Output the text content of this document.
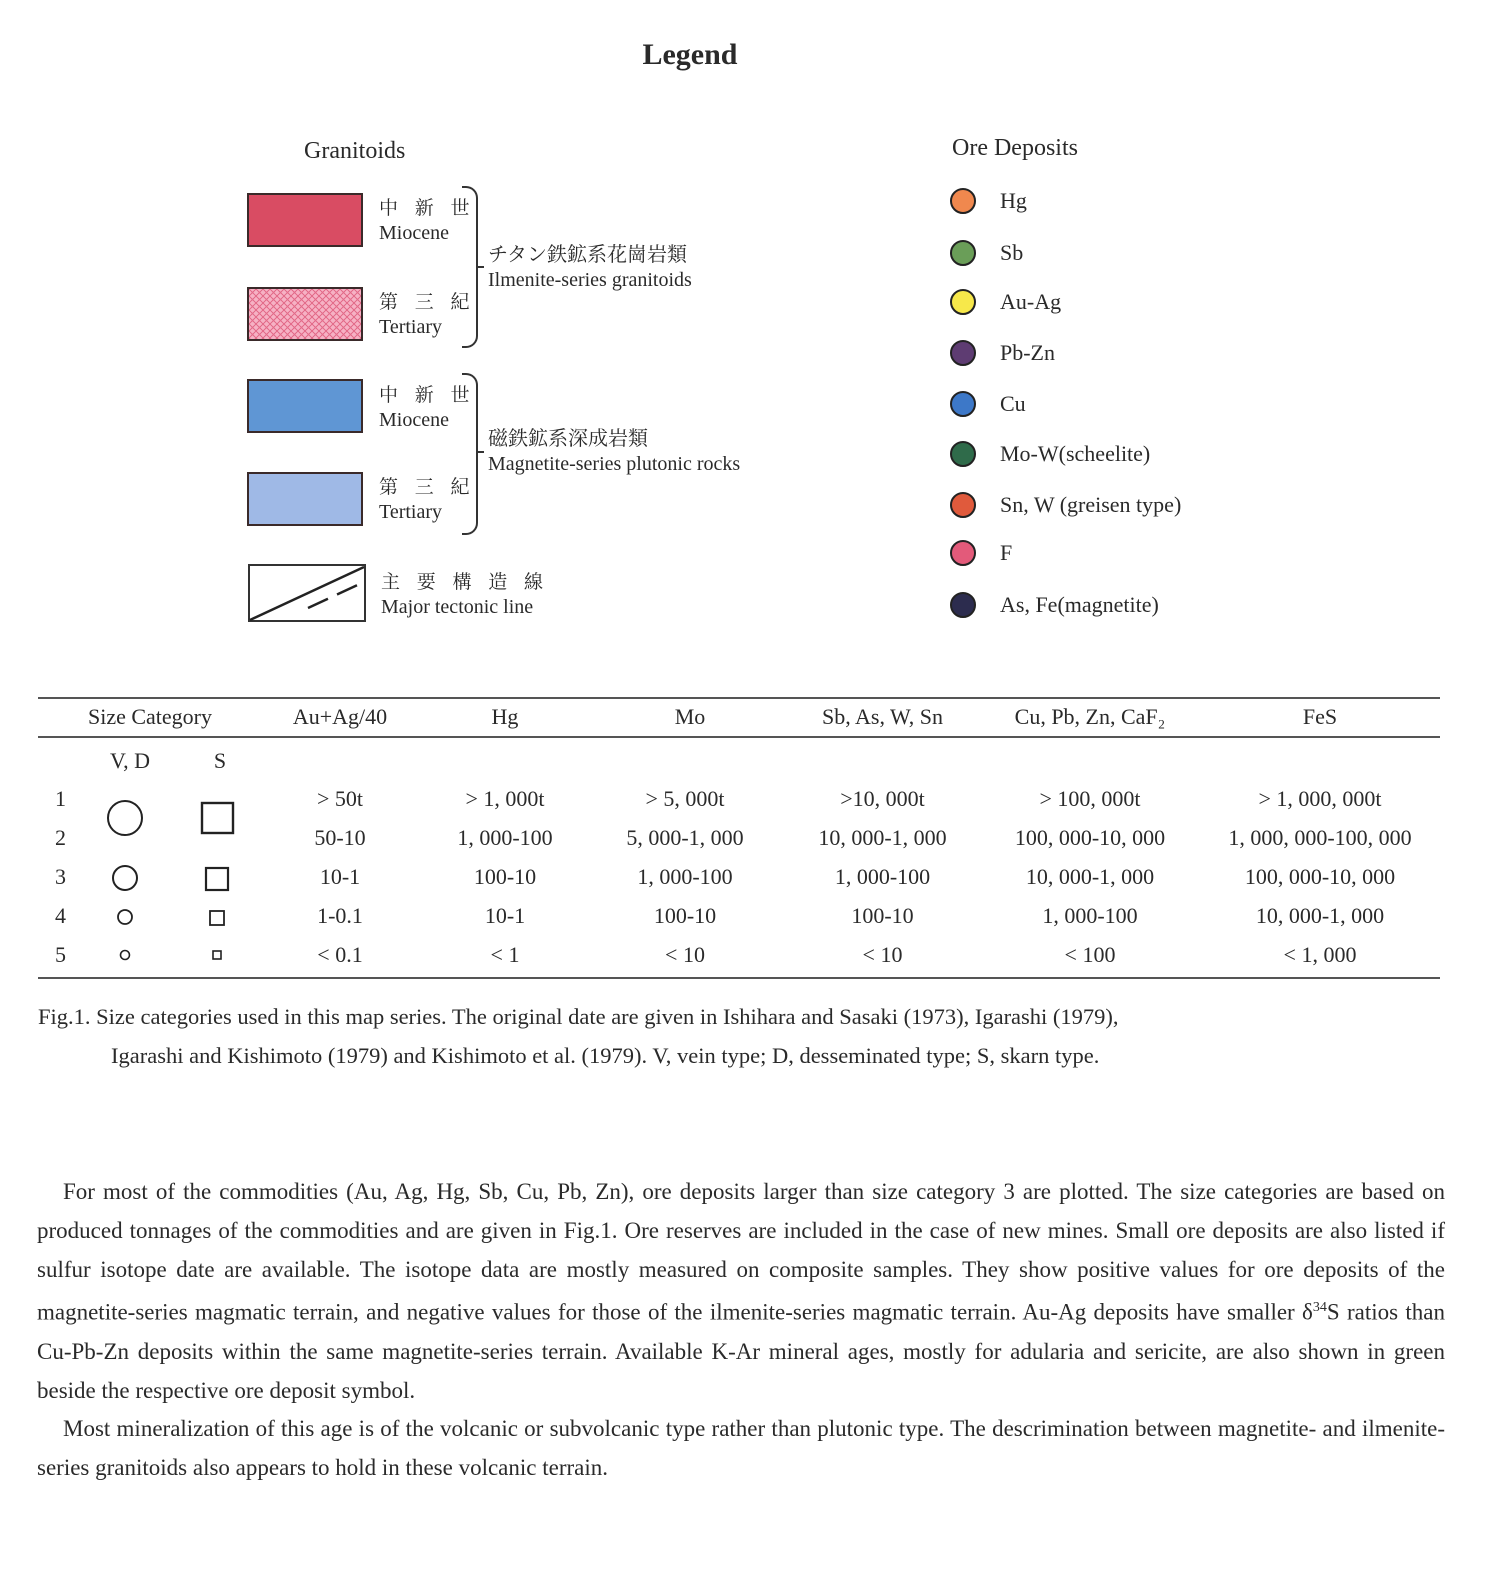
Legend
Granitoids
中 新 世
Miocene
第 三 紀
Tertiary
チタン鉄鉱系花崗岩類
Ilmenite-series granitoids
中 新 世
Miocene
第 三 紀
Tertiary
磁鉄鉱系深成岩類
Magnetite-series plutonic rocks
主 要 構 造 線
Major tectonic line
Ore Deposits
Hg
Sb
Au-Ag
Pb-Zn
Cu
Mo-W(scheelite)
Sn, W (greisen type)
F
As, Fe(magnetite)
Size Category	Au+Ag/40	Hg	Mo	Sb, As, W, Sn	Cu, Pb, Zn, CaF₂	FeS
V, D	S
1	> 50t	> 1, 000t	> 5, 000t	>10, 000t	> 100, 000t	> 1, 000, 000t
2	50-10	1, 000-100	5, 000-1, 000	10, 000-1, 000	100, 000-10, 000	1, 000, 000-100, 000
3	10-1	100-10	1, 000-100	1, 000-100	10, 000-1, 000	100, 000-10, 000
4	1-0.1	10-1	100-10	100-10	1, 000-100	10, 000-1, 000
5	< 0.1	< 1	< 10	< 10	< 100	< 1, 000
Fig.1. Size categories used in this map series. The original date are given in Ishihara and Sasaki (1973), Igarashi (1979),
Igarashi and Kishimoto (1979) and Kishimoto et al. (1979). V, vein type; D, desseminated type; S, skarn type.

For most of the commodities (Au, Ag, Hg, Sb, Cu, Pb, Zn), ore deposits larger than size category 3 are plotted. The size categories are based on produced tonnages of the commodities and are given in Fig.1. Ore reserves are included in the case of new mines. Small ore deposits are also listed if sulfur isotope date are available. The isotope data are mostly measured on composite samples. They show positive values for ore deposits of the magnetite-series magmatic terrain, and negative values for those of the ilmenite-series magmatic terrain. Au-Ag deposits have smaller $\delta^{34}S$ ratios than Cu-Pb-Zn deposits within the same magnetite-series terrain. Available K-Ar mineral ages, mostly for adularia and sericite, are also shown in green beside the respective ore deposit symbol.

Most mineralization of this age is of the volcanic or subvolcanic type rather than plutonic type. The descrimination between magnetite- and ilmenite-series granitoids also appears to hold in these volcanic terrain.
